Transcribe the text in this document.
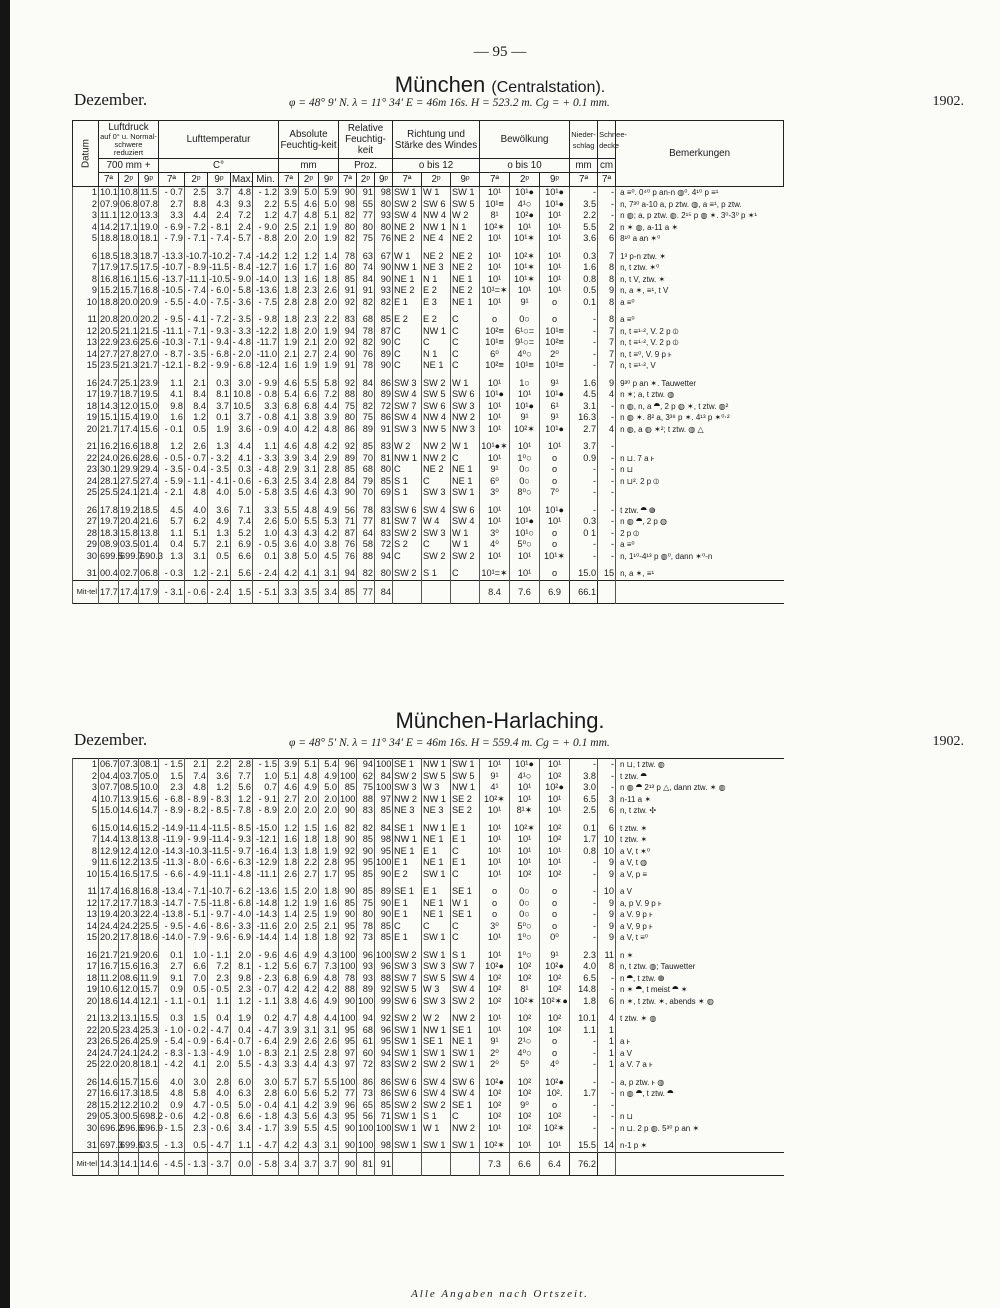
— 95 —
München (Centralstation).
Dezember.	φ = 48° 9′ N. λ = 11° 34′ E = 46m 16s. H = 523.2 m. Cg = + 0.1 mm.	1902.
Datum	Luftdruck

auf 0° u. Normal-schwere reduziert			Lufttemperatur					Absolute Feuchtig-keit			Relative Feuchtig-keit			Richtung und Stärke des Windes			Bewölkung			Nieder-schlag	Schnee-decke	Bemerkungen
	700 mm +			C°					mm			Proz.			o bis 12			o bis 10			mm	cm	
	7ª	2ᵖ	9ᵖ	7ª	2ᵖ	9ᵖ	Max.	Min.	7ª	2ᵖ	9ᵖ	7ª	2ᵖ	9ᵖ	7ª	2ᵖ	9ᵖ	7ª	2ᵖ	9ᵖ	7ª	7ª	
1	10.1	10.8	11.5	- 0.7	2.5	3.7	4.8	- 1.2	3.9	5.0	5.9	90	91	98	SW 1	W 1	SW 1	10¹	10¹●	10¹●	-	-	a ≡⁰. 0⁴⁰ p an-n ◍⁰. 4¹⁰ p ≡¹
2	07.9	06.8	07.8	2.7	8.8	4.3	9.3	2.2	5.5	4.6	5.0	98	55	80	SW 2	SW 6	SW 5	10¹≡	4¹○	10¹●	3.5	-	n, 7³⁰ a-10 a, p ztw. ◍, a ≡¹, p ztw.
3	11.1	12.0	13.3	3.3	4.4	2.4	7.2	1.2	4.7	4.8	5.1	82	77	93	SW 4	NW 4	W 2	8¹	10²●	10¹	2.2	-	n ◍; a, p ztw. ◍. 2¹⁵ p ◍ ✶. 3⁰-3⁰ p ✶¹
4	14.2	17.1	19.0	- 6.9	- 7.2	- 8.1	2.4	- 9.0	2.5	2.1	1.9	80	80	80	NE 2	NW 1	N 1	10²✶	10¹	10¹	5.5	2	n ✶ ◍, a-11 a ✶
5	18.8	18.0	18.1	- 7.9	- 7.1	- 7.4	- 5.7	- 8.8	2.0	2.0	1.9	82	75	76	NE 2	NE 4	NE 2	10¹	10¹✶	10¹	3.6	6	8¹⁰ a an ✶⁰

6	18.5	18.3	18.7	-13.3	-10.7	-10.2	- 7.4	-14.2	1.2	1.2	1.4	78	63	67	W 1	NE 2	NE 2	10¹	10²✶	10¹	0.3	7	1³ p-n ztw. ✶
7	17.9	17.5	17.5	-10.7	- 8.9	-11.5	- 8.4	-12.7	1.6	1.7	1.6	80	74	90	NW 1	NE 3	NE 2	10¹	10¹✶	10¹	1.6	8	n, t ztw. ✶⁰
8	16.8	16.1	15.6	-13.7	-11.1	-10.5	- 9.0	-14.0	1.3	1.6	1.8	85	84	90	NE 1	N 1	NE 1	10¹	10¹✶	10¹	0.8	8	n, t V, ztw. ✶
9	15.2	15.7	16.8	-10.5	- 7.4	- 6.0	- 5.8	-13.6	1.8	2.3	2.6	91	91	93	NE 2	E 2	NE 2	10¹=✶	10¹	10¹	0.5	9	n, a ✶, ≡¹, t V
10	18.8	20.0	20.9	- 5.5	- 4.0	- 7.5	- 3.6	- 7.5	2.8	2.8	2.0	92	82	82	E 1	E 3	NE 1	10¹	9¹	o	0.1	8	a ≡⁰

11	20.8	20.0	20.2	- 9.5	- 4.1	- 7.2	- 3.5	- 9.8	1.8	2.3	2.2	83	68	85	E 2	E 2	C	o	0○	o	-	8	a ≡⁰
12	20.5	21.1	21.5	-11.1	- 7.1	- 9.3	- 3.3	-12.2	1.8	2.0	1.9	94	78	87	C	NW 1	C	10²≡	6¹○=	10¹≡	-	7	n, t ≡¹⋅², V. 2 p ⦶
13	22.9	23.6	25.6	-10.3	- 7.1	- 9.4	- 4.8	-11.7	1.9	2.1	2.0	92	82	90	C	C	C	10¹≡	9¹○=	10²≡	-	7	n, t ≡¹⋅², V. 2 p ⦶
14	27.7	27.8	27.0	- 8.7	- 3.5	- 6.8	- 2.0	-11.0	2.1	2.7	2.4	90	76	89	C	N 1	C	6⁰	4⁰○	2⁰	-	7	n, t ≡⁰, V. 9 p ⱶ
15	23.5	21.3	21.7	-12.1	- 8.2	- 9.9	- 6.8	-12.4	1.6	1.9	1.9	91	78	90	C	NE 1	C	10²≡	10¹≡	10¹≡	-	7	n, t ≡¹⋅², V

16	24.7	25.1	23.9	1.1	2.1	0.3	3.0	- 9.9	4.6	5.5	5.8	92	84	86	SW 3	SW 2	W 1	10¹	1○	9¹	1.6	9	9³⁰ p an ✶. Tauwetter
17	19.7	18.7	19.5	4.1	8.4	8.1	10.8	- 0.8	5.4	6.6	7.2	88	80	89	SW 4	SW 5	SW 6	10¹●	10¹	10¹●	4.5	4	n ✶; a, t ztw. ◍
18	14.3	12.0	15.0	9.8	8.4	3.7	10.5	3.3	6.8	6.8	4.4	75	82	72	SW 7	SW 6	SW 3	10¹	10¹●	6¹	3.1	-	n ◍, n, a ⯊, 2 p ◍ ✶, t ztw. ◍²
19	15.1	15.4	19.0	1.6	1.2	0.1	3.7	- 0.8	4.1	3.8	3.9	80	75	86	SW 4	NW 4	NW 2	10¹	9¹	9¹	16.3	-	n ◍ ✶. 8² a, 3³⁸ p ✶. 4¹³ p ✶⁰⋅²
20	21.7	17.4	15.6	- 0.1	0.5	1.9	3.6	- 0.9	4.0	4.2	4.8	86	89	91	SW 3	NW 5	NW 3	10¹	10²✶	10¹●	2.7	4	n ◍, a ◍ ✶²; t ztw. ◍ △

21	16.2	16.6	18.8	1.2	2.6	1.3	4.4	1.1	4.6	4.8	4.2	92	85	83	W 2	NW 2	W 1	10¹●✶	10¹	10¹	3.7	-	
22	24.0	26.6	28.6	- 0.5	- 0.7	- 3.2	4.1	- 3.3	3.9	3.4	2.9	89	70	81	NW 1	NW 2	C	10¹	1⁰○	o	0.9	-	n ⊔. 7 a ⱶ
23	30.1	29.9	29.4	- 3.5	- 0.4	- 3.5	0.3	- 4.8	2.9	3.1	2.8	85	68	80	C	NE 2	NE 1	9¹	0○	o	-	-	n ⊔
24	28.1	27.5	27.4	- 5.9	- 1.1	- 4.1	- 0.6	- 6.3	2.5	3.4	2.8	84	79	85	S 1	C	NE 1	6⁰	0○	o	-	-	n ⊔². 2 p ⦶
25	25.5	24.1	21.4	- 2.1	4.8	4.0	5.0	- 5.8	3.5	4.6	4.3	90	70	69	S 1	SW 3	SW 1	3⁰	8⁰○	7⁰	-	-	

26	17.8	19.2	18.5	4.5	4.0	3.6	7.1	3.3	5.5	4.8	4.9	56	78	83	SW 6	SW 4	SW 6	10¹	10¹	10¹●	-	-	t ztw. ⯊ ◍
27	19.7	20.4	21.6	5.7	6.2	4.9	7.4	2.6	5.0	5.5	5.3	71	77	81	SW 7	W 4	SW 4	10¹	10¹●	10¹	0.3	-	n ◍ ⯊, 2 p ◍
28	18.3	15.8	13.8	1.1	5.1	1.3	5.2	1.0	4.3	4.3	4.2	87	64	83	SW 2	SW 3	W 1	3⁰	10¹○	o	0 1	-	2 p ⦶
29	08.9	03.5	01.4	0.4	5.7	2.1	6.9	- 0.5	3.6	4.0	3.8	76	58	72	S 2	C	W 1	4⁰	5⁰○	o	-	-	a ≡⁰
30	699.5	699.7	690.3	1.3	3.1	0.5	6.6	0.1	3.8	5.0	4.5	76	88	94	C	SW 2	SW 2	10¹	10¹	10¹✶	-	-	n, 1¹⁰-4¹³ p ◍⁰, dann ✶⁰-n

31	00.4	02.7	06.8	- 0.3	1.2	- 2.1	5.6	- 2.4	4.2	4.1	3.1	94	82	80	SW 2	S 1	C	10¹=✶	10¹	o	15.0	15	n, a ✶, ≡¹
Mit-tel	17.7	17.4	17.9	- 3.1	- 0.6	- 2.4	1.5	- 5.1	3.3	3.5	3.4	85	77	84				8.4	7.6	6.9	66.1		
München-Harlaching.
Dezember.	φ = 48° 5′ N. λ = 11° 34′ E = 46m 16s. H = 559.4 m. Cg = + 0.1 mm.	1902.
1	06.7	07.3	08.1	- 1.5	2.1	2.2	2.8	- 1.5	3.9	5.1	5.4	96	94	100	SE 1	NW 1	SW 1	10¹	10¹●	10¹	-	-	n ⊔, t ztw. ◍
2	04.4	03.7	05.0	1.5	7.4	3.6	7.7	1.0	5.1	4.8	4.9	100	62	84	SW 2	SW 5	SW 5	9¹	4¹○	10²	3.8	-	t ztw. ⯊
3	07.7	08.5	10.0	2.3	4.8	1.2	5.6	0.7	4.6	4.9	5.0	85	75	100	SW 3	W 3	NW 1	4¹	10¹	10²●	3.0	-	n ◍ ⯊ 2¹³ p △, dann ztw. ✶ ◍
4	10.7	13.9	15.6	- 6.8	- 8.9	- 8.3	1.2	- 9.1	2.7	2.0	2.0	100	88	97	NW 2	NW 1	SE 2	10²✶	10¹	10¹	6.5	3	n-11 a ✶
5	15.0	14.6	14.7	- 8.9	- 8.2	- 8.5	- 7.8	- 8.9	2.0	2.0	2.0	90	83	85	NE 3	NE 3	SE 2	10¹	8¹✶	10¹	2.5	6	n, t ztw. ✣

6	15.0	14.6	15.2	-14.9	-11.4	-11.5	- 8.5	-15.0	1.2	1.5	1.6	82	82	84	SE 1	NW 1	E 1	10¹	10²✶	10²	0.1	6	t ztw. ✶
7	14.4	13.8	13.8	-11.9	- 9.9	-11.4	- 9.3	-12.1	1.6	1.8	1.8	90	85	98	NW 1	NE 1	E 1	10¹	10¹	10²	1.7	10	t ztw. ✶
8	12.9	12.4	12.0	-14.3	-10.3	-11.5	- 9.7	-16.4	1.3	1.8	1.9	92	90	95	NE 1	E 1	C	10¹	10¹	10¹	0.8	10	a V, t ✶⁰
9	11.6	12.2	13.5	-11.3	- 8.0	- 6.6	- 6.3	-12.9	1.8	2.2	2.8	95	95	100	E 1	NE 1	E 1	10¹	10¹	10¹	-	9	a V, t ◍
10	15.4	16.5	17.5	- 6.6	- 4.9	-11.1	- 4.8	-11.1	2.6	2.7	1.7	95	85	90	E 2	SW 1	C	10¹	10²	10²	-	9	a V, p ≡

11	17.4	16.8	16.8	-13.4	- 7.1	-10.7	- 6.2	-13.6	1.5	2.0	1.8	90	85	89	SE 1	E 1	SE 1	o	0○	o	-	10	a V
12	17.2	17.7	18.3	-14.7	- 7.5	-11.8	- 6.8	-14.8	1.2	1.9	1.6	85	75	90	E 1	NE 1	W 1	o	0○	o	-	9	a, p V. 9 p ⱶ
13	19.4	20.3	22.4	-13.8	- 5.1	- 9.7	- 4.0	-14.3	1.4	2.5	1.9	90	80	90	E 1	NE 1	SE 1	o	0○	o	-	9	a V. 9 p ⱶ
14	24.4	24.2	25.5	- 9.5	- 4.6	- 8.6	- 3.3	-11.6	2.0	2.5	2.1	95	78	85	C	C	C	3⁰	5⁰○	o	-	9	a V, 9 p ⱶ
15	20.2	17.8	18.6	-14.0	- 7.9	- 9.6	- 6.9	-14.4	1.4	1.8	1.8	92	73	85	E 1	SW 1	C	10¹	1⁰○	0⁰	-	9	a V, t ≡⁰

16	21.7	21.9	20.6	0.1	1.0	- 1.1	2.0	- 9.6	4.6	4.9	4.3	100	96	100	SW 2	SW 1	S 1	10¹	1⁰○	9¹	2.3	11	n ✶
17	16.7	15.6	16.3	2.7	6.6	7.2	8.1	- 1.2	5.6	6.7	7.3	100	93	96	SW 3	SW 3	SW 7	10²●	10²	10²●	4.0	8	n, t ztw. ◍; Tauwetter
18	11.2	08.6	11.9	9.1	7.0	2.3	9.8	- 2.3	6.8	6.9	4.8	78	93	88	SW 7	SW 5	SW 4	10²	10²	10²	6.5	-	n ⯊, t ztw. ◍
19	10.6	12.0	15.7	0.9	0.5	- 0.5	2.3	- 0.7	4.2	4.2	4.2	88	89	92	SW 5	W 3	SW 4	10²	8¹	10²	14.8	-	n ✶ ⯊, t meist ⯊ ✶
20	18.6	14.4	12.1	- 1.1	- 0.1	1.1	1.2	- 1.1	3.8	4.6	4.9	90	100	99	SW 6	SW 3	SW 2	10²	10²✶	10²✶●	1.8	6	n ✶, t ztw. ✶, abends ✶ ◍

21	13.2	13.1	15.5	0.3	1.5	0.4	1.9	0.2	4.7	4.8	4.4	100	94	92	SW 2	W 2	NW 2	10¹	10²	10²	10.1	4	t ztw. ✶ ◍
22	20.5	23.4	25.3	- 1.0	- 0.2	- 4.7	0.4	- 4.7	3.9	3.1	3.1	95	68	96	SW 1	NW 1	SE 1	10¹	10²	10²	1.1	1	
23	26.5	26.4	25.9	- 5.4	- 0.9	- 6.4	- 0.7	- 6.4	2.9	2.6	2.6	95	61	95	SW 1	SE 1	NE 1	9¹	2¹○	o	-	1	a ⱶ
24	24.7	24.1	24.2	- 8.3	- 1.3	- 4.9	1.0	- 8.3	2.1	2.5	2.8	97	60	94	SW 1	SW 1	SW 1	2⁰	4⁰○	o	-	1	a V
25	22.0	20.8	18.1	- 4.2	4.1	2.0	5.5	- 4.3	3.3	4.4	4.3	97	72	83	SW 2	SW 2	SW 1	2⁰	5⁰	4⁰	-	1	a V. 7 a ⱶ

26	14.6	15.7	15.6	4.0	3.0	2.8	6.0	3.0	5.7	5.7	5.5	100	86	86	SW 6	SW 4	SW 6	10²●	10²	10²●	-	-	a, p ztw. ⱶ ◍
27	16.6	17.3	18.5	4.8	5.8	4.0	6.3	2.8	6.0	5.6	5.2	77	73	86	SW 6	SW 4	SW 4	10²	10²	10².	1.7	-	n ◍ ⯊, t ztw. ⯊
28	15.2	12.2	10.2	0.9	4.7	- 0.5	5.0	- 0.4	4.1	4.2	3.9	96	65	85	SW 2	SW 2	SE 1	10²	9⁰	o	-	-	
29	05.3	00.5	698.2	- 0.6	4.2	- 0.8	6.6	- 1.8	4.3	5.6	4.3	95	56	71	SW 1	S 1	C	10²	10²	10²	-	-	n ⊔
30	696.2	696.6	696.9	- 1.5	2.3	- 0.6	3.4	- 1.7	3.9	5.5	4.5	90	100	100	SW 1	W 1	NW 2	10¹	10²	10²✶	-	-	n ⊔. 2 p ◍. 5³⁰ p an ✶

31	697.3	699.6	03.5	- 1.3	0.5	- 4.7	1.1	- 4.7	4.2	4.3	3.1	90	100	98	SW 1	SW 1	SW 1	10²✶	10¹	10¹	15.5	14	n-1 p ✶
Mit-tel	14.3	14.1	14.6	- 4.5	- 1.3	- 3.7	0.0	- 5.8	3.4	3.7	3.7	90	81	91				7.3	6.6	6.4	76.2		
Alle Angaben nach Ortszeit.
